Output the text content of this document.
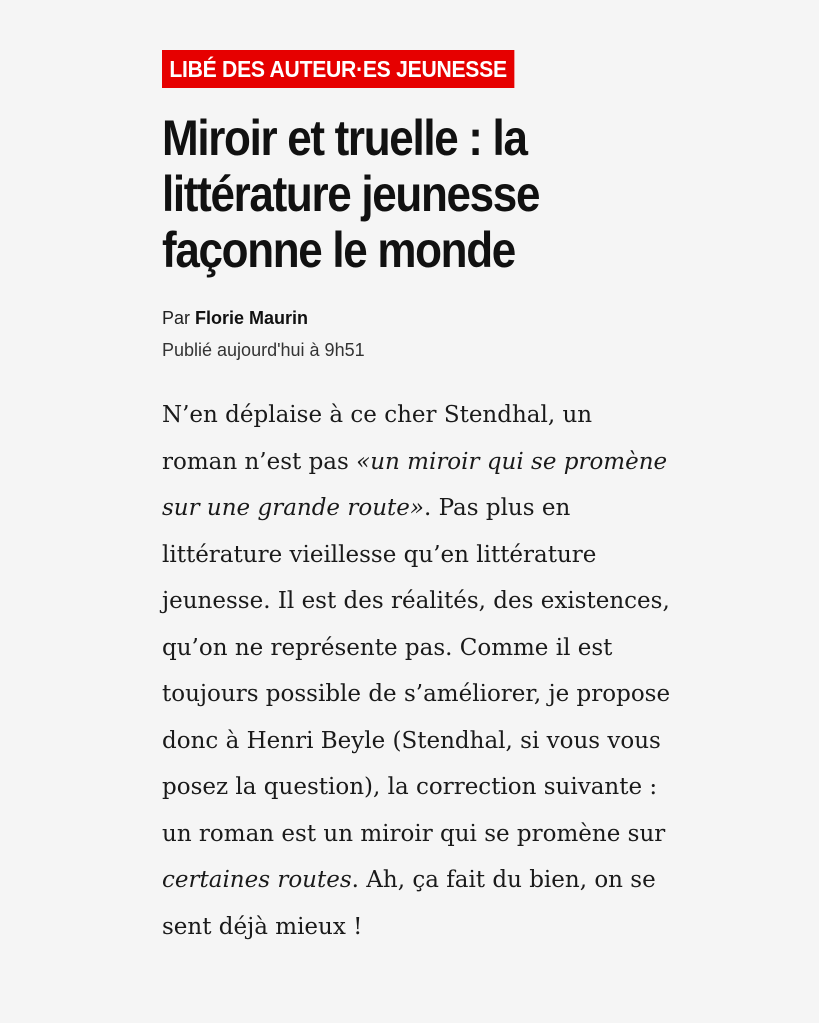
LIBÉ DES AUTEUR·ES JEUNESSE
Miroir et truelle : la littérature jeunesse façonne le monde
Par Florie Maurin
Publié aujourd'hui à 9h51

N’en déplaise à ce cher Stendhal, un roman n’est pas «un miroir qui se promène sur une grande route». Pas plus en littérature vieillesse qu’en littérature jeunesse. Il est des réalités, des existences, qu’on ne représente pas. Comme il est toujours possible de s’améliorer, je propose donc à Henri Beyle (Stendhal, si vous vous posez la question), la correction suivante : un roman est un miroir qui se promène sur certaines routes. Ah, ça fait du bien, on se sent déjà mieux !
